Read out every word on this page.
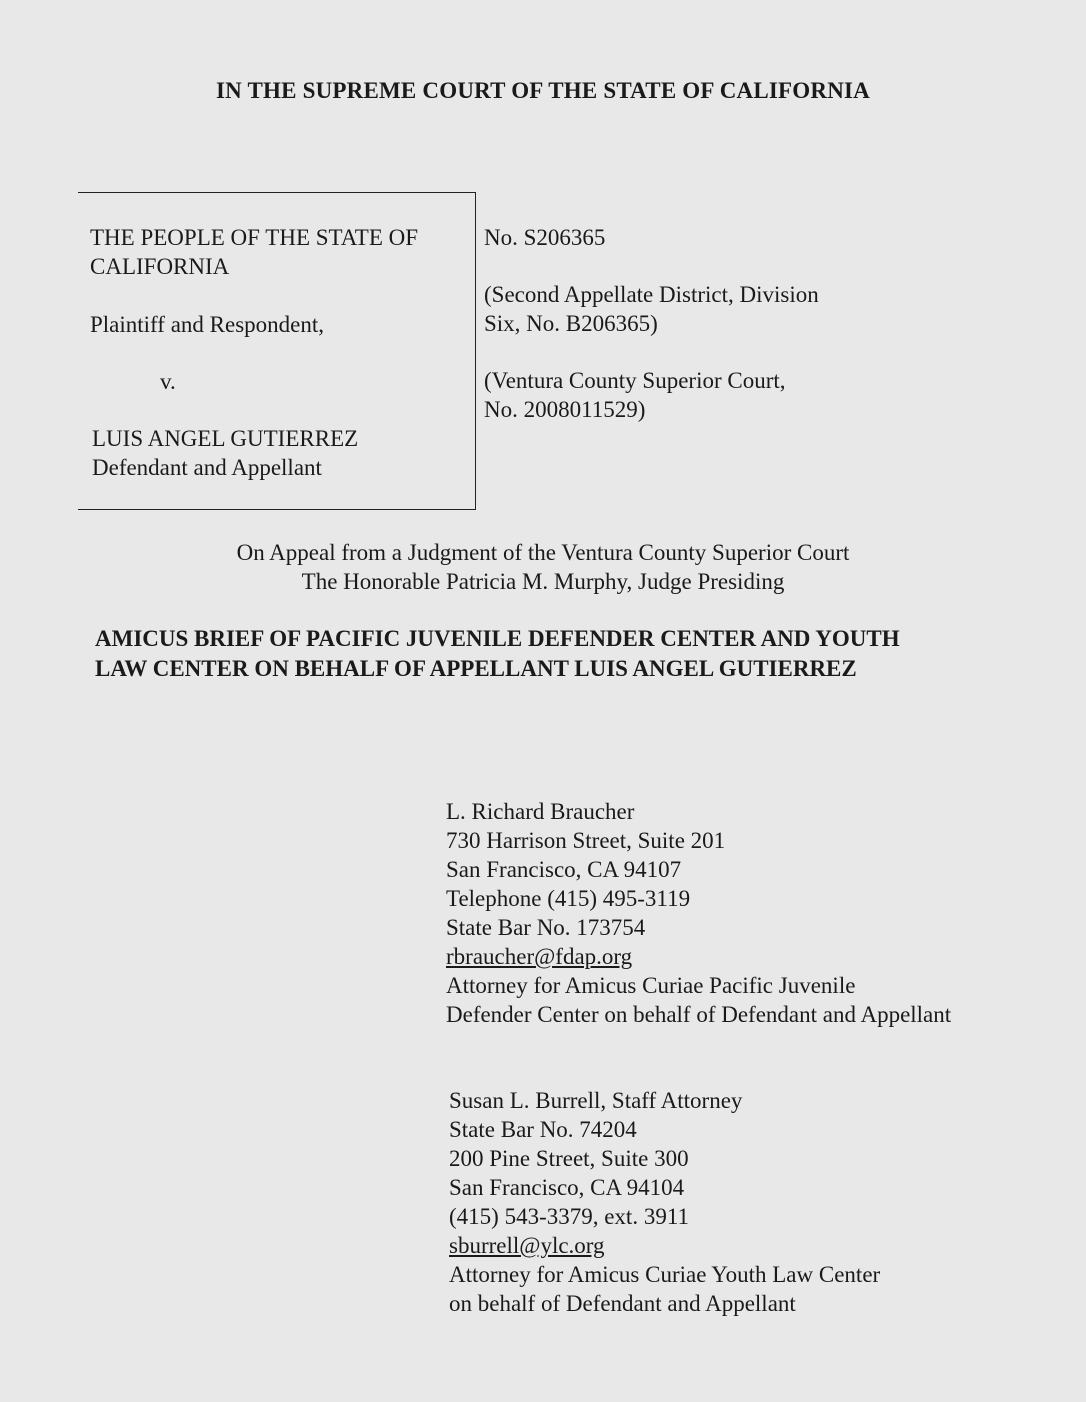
IN THE SUPREME COURT OF THE STATE OF CALIFORNIA
THE PEOPLE OF THE STATE OF
CALIFORNIA
Plaintiff and Respondent,
v.
LUIS ANGEL GUTIERREZ
Defendant and Appellant
No. S206365
(Second Appellate District, Division
Six, No. B206365)
(Ventura County Superior Court,
No. 2008011529)
On Appeal from a Judgment of the Ventura County Superior Court
The Honorable Patricia M. Murphy, Judge Presiding
AMICUS BRIEF OF PACIFIC JUVENILE DEFENDER CENTER AND YOUTH
LAW CENTER ON BEHALF OF APPELLANT LUIS ANGEL GUTIERREZ
L. Richard Braucher
730 Harrison Street, Suite 201
San Francisco, CA 94107
Telephone (415) 495-3119
State Bar No. 173754
rbraucher@fdap.org
Attorney for Amicus Curiae Pacific Juvenile
Defender Center on behalf of Defendant and Appellant
Susan L. Burrell, Staff Attorney
State Bar No. 74204
200 Pine Street, Suite 300
San Francisco, CA 94104
(415) 543-3379, ext. 3911
sburrell@ylc.org
Attorney for Amicus Curiae Youth Law Center
on behalf of Defendant and Appellant
